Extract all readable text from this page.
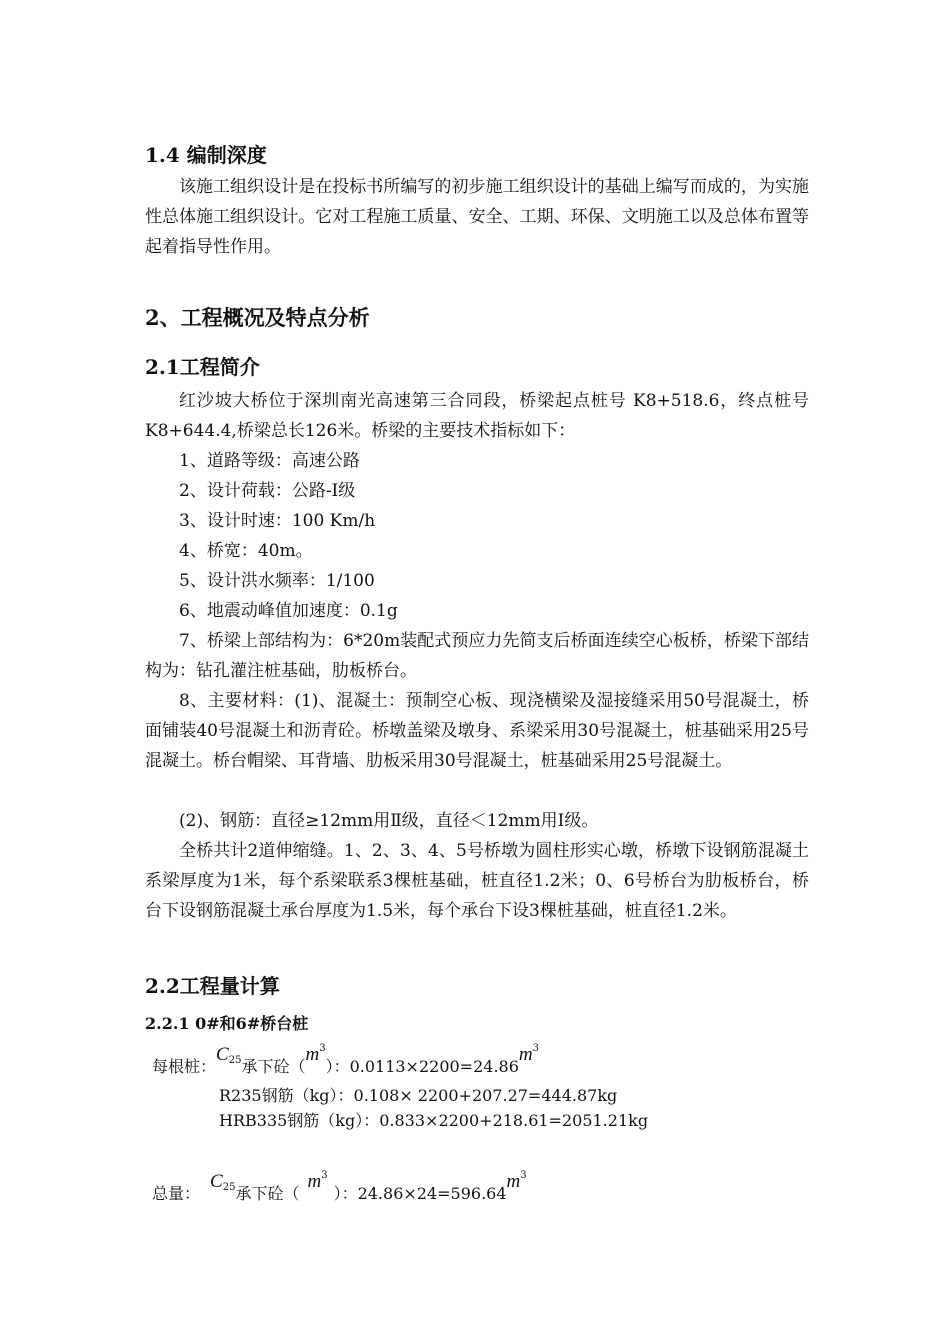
1.4 编制深度

该施工组织设计是在投标书所编写的初步施工组织设计的基础上编写而成的，为实施性总体施工组织设计。它对工程施工质量、安全、工期、环保、文明施工以及总体布置等起着指导性作用。

2、工程概况及特点分析
2.1工程简介

红沙坡大桥位于深圳南光高速第三合同段，桥梁起点桩号 K8+518.6，终点桩号 K8+644.4,桥梁总长126米。桥梁的主要技术指标如下：

1、道路等级：高速公路

2、设计荷载：公路-Ⅰ级

3、设计时速：100 Km/h

4、桥宽：40m。

5、设计洪水频率：1/100

6、地震动峰值加速度：0.1g

7、桥梁上部结构为：6*20m装配式预应力先简支后桥面连续空心板桥，桥梁下部结构为：钻孔灌注桩基础，肋板桥台。

8、主要材料：(1)、混凝土：预制空心板、现浇横梁及湿接缝采用50号混凝土，桥面铺装40号混凝土和沥青砼。桥墩盖梁及墩身、系梁采用30号混凝土，桩基础采用25号混凝土。桥台帽梁、耳背墙、肋板采用30号混凝土，桩基础采用25号混凝土。

(2)、钢筋：直径≥12mm用Ⅱ级，直径＜12mm用Ⅰ级。

全桥共计2道伸缩缝。1、2、3、4、5号桥墩为圆柱形实心墩，桥墩下设钢筋混凝土系梁厚度为1米，每个系梁联系3棵桩基础，桩直径1.2米；0、6号桥台为肋板桥台，桥台下设钢筋混凝土承台厚度为1.5米，每个承台下设3棵桩基础，桩直径1.2米。

2.2工程量计算
2.2.1 0#和6#桥台桩

每根桩：$C_{25}$承下砼$(m^3)$：$0.0113\times 2200=24.86m^3$

R235钢筋（kg）：0.108× 2200+207.27=444.87kg

HRB335钢筋（kg）：0.833×2200+218.61=2051.21kg

总量：$C_{25}$承下砼$(m^3)$：$24.86\times 24=596.64m^3$
